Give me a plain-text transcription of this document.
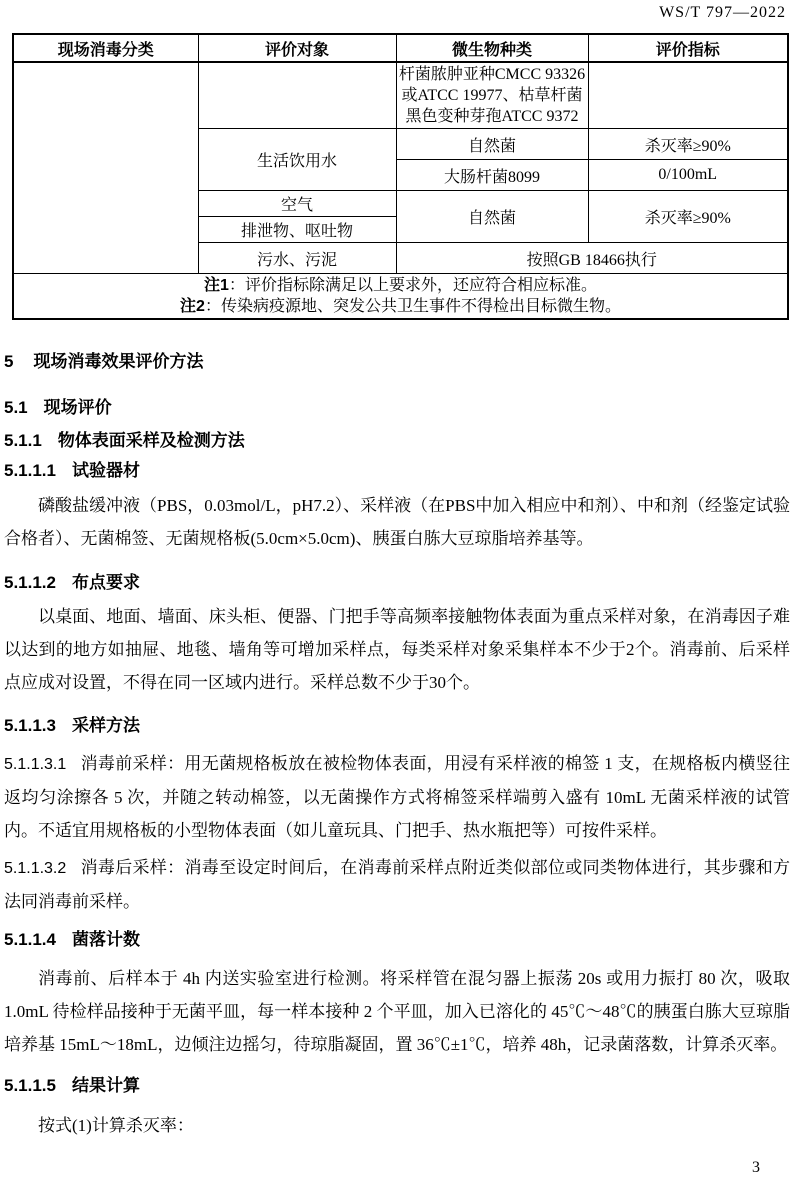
WS/T 797—2022
现场消毒分类	评价对象	微生物种类	评价指标

		杆菌脓肿亚种CMCC 93326
或ATCC 19977、枯草杆菌
黑色变种芽孢ATCC 9372	

	生活饮用水	自然菌	杀灭率≥90%
		大肠杆菌8099	0/100mL
	空气	自然菌	杀灭率≥90%
	排泄物、呕吐物		
	污水、污泥	按照GB 18466执行	

注1：评价指标除满足以上要求外，还应符合相应标准。
注2：传染病疫源地、突发公共卫生事件不得检出目标微生物。			
5 现场消毒效果评价方法
5.1 现场评价
5.1.1 物体表面采样及检测方法
5.1.1.1 试验器材

磷酸盐缓冲液（PBS，0.03mol/L，pH7.2）、采样液（在PBS中加入相应中和剂）、中和剂（经鉴定试验合格者）、无菌棉签、无菌规格板(5.0cm×5.0cm)、胰蛋白胨大豆琼脂培养基等。

5.1.1.2 布点要求

以桌面、地面、墙面、床头柜、便器、门把手等高频率接触物体表面为重点采样对象，在消毒因子难以达到的地方如抽屉、地毯、墙角等可增加采样点，每类采样对象采集样本不少于2个。消毒前、后采样点应成对设置，不得在同一区域内进行。采样总数不少于30个。

5.1.1.3 采样方法

5.1.1.3.1 消毒前采样：用无菌规格板放在被检物体表面，用浸有采样液的棉签 1 支，在规格板内横竖往返均匀涂擦各 5 次，并随之转动棉签，以无菌操作方式将棉签采样端剪入盛有 10mL 无菌采样液的试管内。不适宜用规格板的小型物体表面（如儿童玩具、门把手、热水瓶把等）可按件采样。

5.1.1.3.2 消毒后采样：消毒至设定时间后，在消毒前采样点附近类似部位或同类物体进行，其步骤和方法同消毒前采样。

5.1.1.4 菌落计数

消毒前、后样本于 4h 内送实验室进行检测。将采样管在混匀器上振荡 20s 或用力振打 80 次，吸取 1.0mL 待检样品接种于无菌平皿，每一样本接种 2 个平皿，加入已溶化的 45℃～48℃的胰蛋白胨大豆琼脂培养基 15mL～18mL，边倾注边摇匀，待琼脂凝固，置 36℃±1℃，培养 48h，记录菌落数，计算杀灭率。

5.1.1.5 结果计算

按式(1)计算杀灭率：

3
